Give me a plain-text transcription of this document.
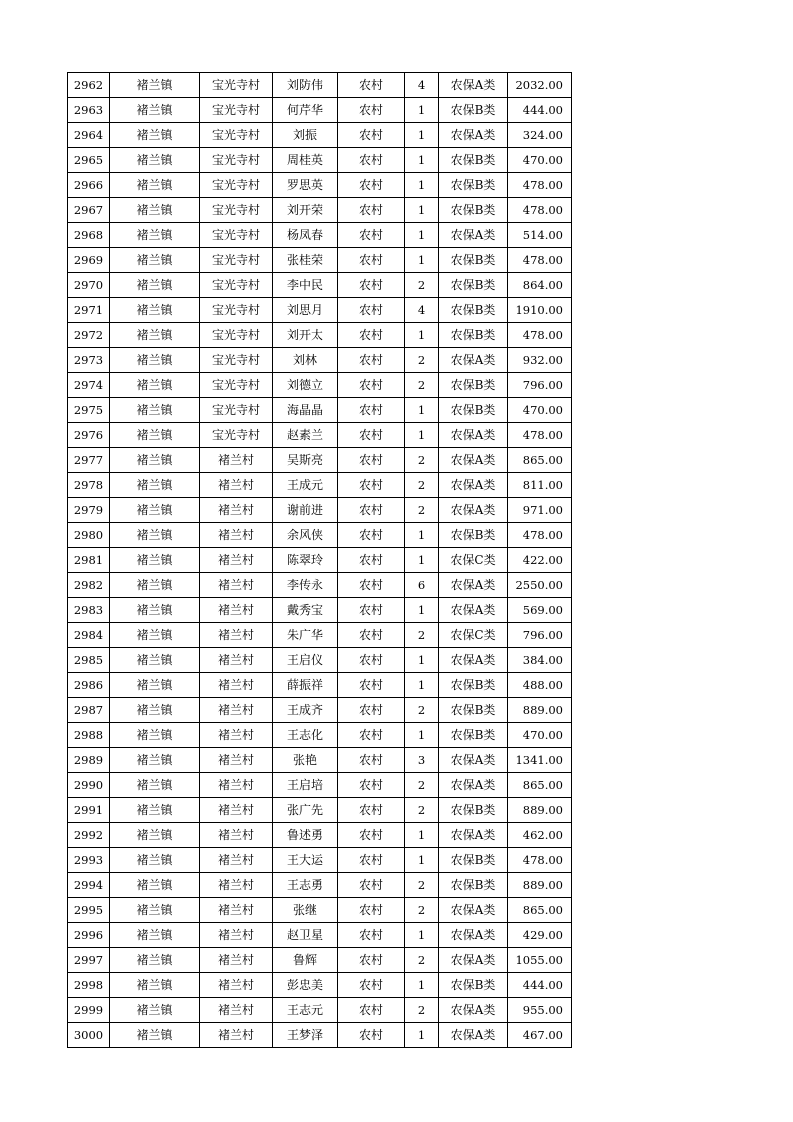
2962	褚兰镇	宝光寺村	刘防伟	农村	4	农保A类	2032.00
2963	褚兰镇	宝光寺村	何芹华	农村	1	农保B类	444.00
2964	褚兰镇	宝光寺村	刘振	农村	1	农保A类	324.00
2965	褚兰镇	宝光寺村	周桂英	农村	1	农保B类	470.00
2966	褚兰镇	宝光寺村	罗思英	农村	1	农保B类	478.00
2967	褚兰镇	宝光寺村	刘开荣	农村	1	农保B类	478.00
2968	褚兰镇	宝光寺村	杨凤春	农村	1	农保A类	514.00
2969	褚兰镇	宝光寺村	张桂荣	农村	1	农保B类	478.00
2970	褚兰镇	宝光寺村	李中民	农村	2	农保B类	864.00
2971	褚兰镇	宝光寺村	刘思月	农村	4	农保B类	1910.00
2972	褚兰镇	宝光寺村	刘开太	农村	1	农保B类	478.00
2973	褚兰镇	宝光寺村	刘林	农村	2	农保A类	932.00
2974	褚兰镇	宝光寺村	刘德立	农村	2	农保B类	796.00
2975	褚兰镇	宝光寺村	海晶晶	农村	1	农保B类	470.00
2976	褚兰镇	宝光寺村	赵素兰	农村	1	农保A类	478.00
2977	褚兰镇	褚兰村	吴斯亮	农村	2	农保A类	865.00
2978	褚兰镇	褚兰村	王成元	农村	2	农保A类	811.00
2979	褚兰镇	褚兰村	谢前进	农村	2	农保A类	971.00
2980	褚兰镇	褚兰村	余风侠	农村	1	农保B类	478.00
2981	褚兰镇	褚兰村	陈翠玲	农村	1	农保C类	422.00
2982	褚兰镇	褚兰村	李传永	农村	6	农保A类	2550.00
2983	褚兰镇	褚兰村	戴秀宝	农村	1	农保A类	569.00
2984	褚兰镇	褚兰村	朱广华	农村	2	农保C类	796.00
2985	褚兰镇	褚兰村	王启仪	农村	1	农保A类	384.00
2986	褚兰镇	褚兰村	薛振祥	农村	1	农保B类	488.00
2987	褚兰镇	褚兰村	王成齐	农村	2	农保B类	889.00
2988	褚兰镇	褚兰村	王志化	农村	1	农保B类	470.00
2989	褚兰镇	褚兰村	张艳	农村	3	农保A类	1341.00
2990	褚兰镇	褚兰村	王启培	农村	2	农保A类	865.00
2991	褚兰镇	褚兰村	张广先	农村	2	农保B类	889.00
2992	褚兰镇	褚兰村	鲁述勇	农村	1	农保A类	462.00
2993	褚兰镇	褚兰村	王大运	农村	1	农保B类	478.00
2994	褚兰镇	褚兰村	王志勇	农村	2	农保B类	889.00
2995	褚兰镇	褚兰村	张继	农村	2	农保A类	865.00
2996	褚兰镇	褚兰村	赵卫星	农村	1	农保A类	429.00
2997	褚兰镇	褚兰村	鲁辉	农村	2	农保A类	1055.00
2998	褚兰镇	褚兰村	彭忠美	农村	1	农保B类	444.00
2999	褚兰镇	褚兰村	王志元	农村	2	农保A类	955.00
3000	褚兰镇	褚兰村	王梦泽	农村	1	农保A类	467.00
